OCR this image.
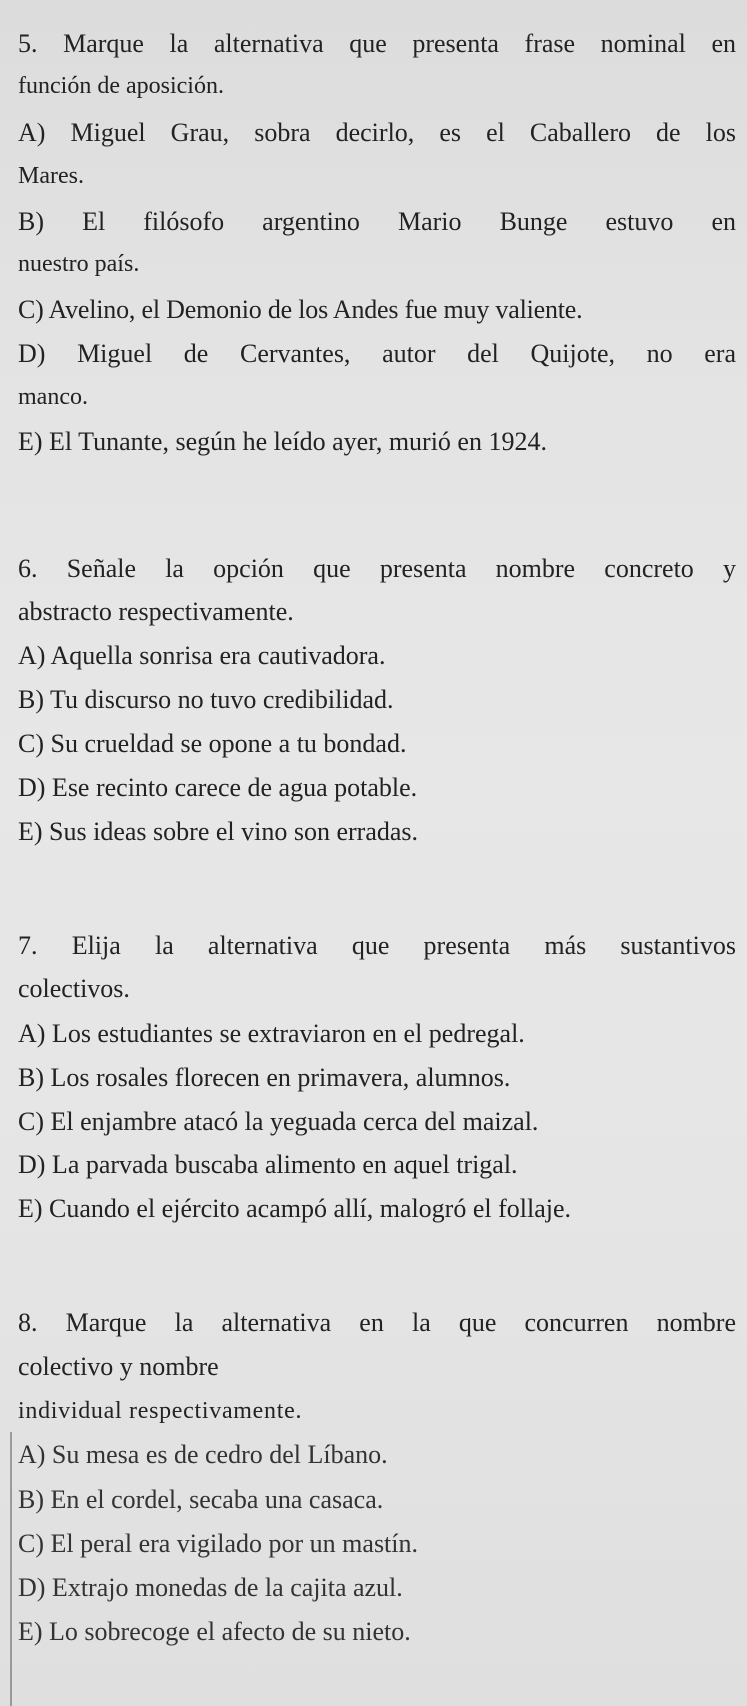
5. Marque la alternativa que presenta frase nominal en
función de aposición.
A) Miguel Grau, sobra decirlo, es el Caballero de los
Mares.
B) El filósofo argentino Mario Bunge estuvo en
nuestro país.
C) Avelino, el Demonio de los Andes fue muy valiente.
D) Miguel de Cervantes, autor del Quijote, no era
manco.
E) El Tunante, según he leído ayer, murió en 1924.
6. Señale la opción que presenta nombre concreto y
abstracto respectivamente.
A) Aquella sonrisa era cautivadora.
B) Tu discurso no tuvo credibilidad.
C) Su crueldad se opone a tu bondad.
D) Ese recinto carece de agua potable.
E) Sus ideas sobre el vino son erradas.
7. Elija la alternativa que presenta más sustantivos
colectivos.
A) Los estudiantes se extraviaron en el pedregal.
B) Los rosales florecen en primavera, alumnos.
C) El enjambre atacó la yeguada cerca del maizal.
D) La parvada buscaba alimento en aquel trigal.
E) Cuando el ejército acampó allí, malogró el follaje.
8. Marque la alternativa en la que concurren nombre
colectivo y nombre
individual respectivamente.
A) Su mesa es de cedro del Líbano.
B) En el cordel, secaba una casaca.
C) El peral era vigilado por un mastín.
D) Extrajo monedas de la cajita azul.
E) Lo sobrecoge el afecto de su nieto.
